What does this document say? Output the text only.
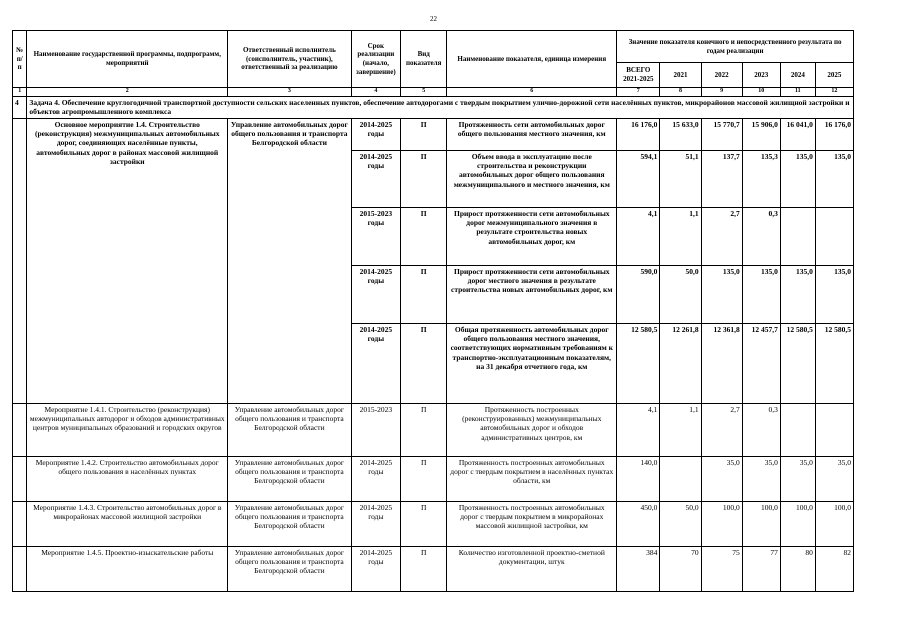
22
№ п/п	Наименование государственной программы, подпрограмм, мероприятий	Ответственный исполнитель (соисполнитель, участник), ответственный за реализацию	Срок реализации (начало, завершение)	Вид показателя	Наименование показателя, единица измерения	Значение показателя конечного и непосредственного результата по годам реализации					
						ВСЕГО 2021-2025	2021	2022	2023	2024	2025
1	2	3	4	5	6	7	8	9	10	11	12
4	Задача 4. Обеспечение круглогодичной транспортной доступности сельских населенных пунктов, обеспечение автодорогами с твердым покрытием улично-дорожной сети населённых пунктов, микрорайонов массовой жилищной застройки и объектов агропромышленного комплекса										
	Основное мероприятие 1.4. Строительство (реконструкция) межмуниципальных автомобильных дорог, соединяющих населённые пункты, автомобильных дорог в районах массовой жилищной застройки	Управление автомобильных дорог общего пользования и транспорта Белгородской области	2014-2025 годы	П	Протяженность сети автомобильных дорог общего пользования местного значения, км	16 176,0	15 633,0	15 770,7	15 906,0	16 041,0	16 176,0
			2014-2025 годы	П	Объем ввода в эксплуатацию после строительства и реконструкции автомобильных дорог общего пользования межмуниципального и местного значения, км	594,1	51,1	137,7	135,3	135,0	135,0
			2015-2023 годы	П	Прирост протяженности сети автомобильных дорог межмуниципального значения в результате строительства новых автомобильных дорог, км	4,1	1,1	2,7	0,3		
			2014-2025 годы	П	Прирост протяженности сети автомобильных дорог местного значения в результате строительства новых автомобильных дорог, км	590,0	50,0	135,0	135,0	135,0	135,0
			2014-2025 годы	П	Общая протяженность автомобильных дорог общего пользования местного значения, соответствующих нормативным требованиям к транспортно-эксплуатационным показателям, на 31 декабря отчетного года, км	12 580,5	12 261,8	12 361,8	12 457,7	12 580,5	12 580,5
	Мероприятие 1.4.1. Строительство (реконструкция) межмуниципальных автодорог и обходов административных центров муниципальных образований и городских округов	Управление автомобильных дорог общего пользования и транспорта Белгородской области	2015-2023	П	Протяженность построенных (реконструированных) межмуниципальных автомобильных дорог и обходов административных центров, км	4,1	1,1	2,7	0,3		
	Мероприятие 1.4.2. Строительство автомобильных дорог общего пользования в населённых пунктах	Управление автомобильных дорог общего пользования и транспорта Белгородской области	2014-2025 годы	П	Протяженность построенных автомобильных дорог с твердым покрытием в населённых пунктах области, км	140,0		35,0	35,0	35,0	35,0
	Мероприятие 1.4.3. Строительство автомобильных дорог в микрорайонах массовой жилищной застройки	Управление автомобильных дорог общего пользования и транспорта Белгородской области	2014-2025 годы	П	Протяженность построенных автомобильных дорог с твердым покрытием в микрорайонах массовой жилищной застройки, км	450,0	50,0	100,0	100,0	100,0	100,0
	Мероприятие 1.4.5. Проектно-изыскательские работы	Управление автомобильных дорог общего пользования и транспорта Белгородской области	2014-2025 годы	П	Количество изготовленной проектно-сметной документации, штук	384	70	75	77	80	82
